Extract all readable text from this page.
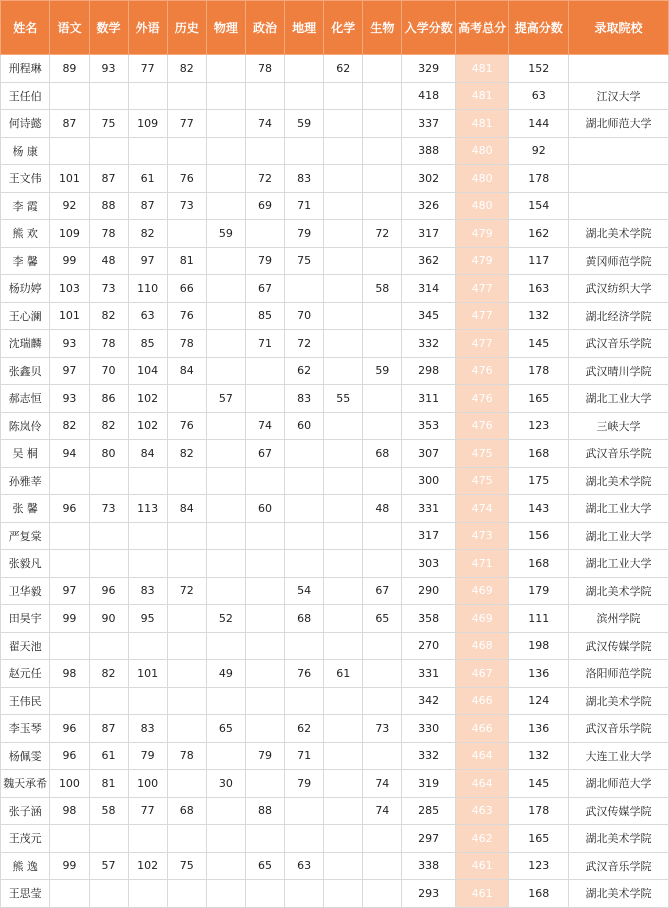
姓名	语文	数学	外语	历史	物理	政治	地理	化学	生物	入学分数	高考总分	提高分数	录取院校
刑程琳	89	93	77	82		78		62		329	481	152	
王任伯										418	481	63	江汉大学
何诗懿	87	75	109	77		74	59			337	481	144	湖北师范大学
杨 康										388	480	92	
王文伟	101	87	61	76		72	83			302	480	178	
李 霞	92	88	87	73		69	71			326	480	154	
熊 欢	109	78	82		59		79		72	317	479	162	湖北美术学院
李 馨	99	48	97	81		79	75			362	479	117	黄冈师范学院
杨玏婷	103	73	110	66		67			58	314	477	163	武汉纺织大学
王心澜	101	82	63	76		85	70			345	477	132	湖北经济学院
沈瑞麟	93	78	85	78		71	72			332	477	145	武汉音乐学院
张鑫贝	97	70	104	84			62		59	298	476	178	武汉晴川学院
郝志恒	93	86	102		57		83	55		311	476	165	湖北工业大学
陈岚伶	82	82	102	76		74	60			353	476	123	三峡大学
吴 桐	94	80	84	82		67			68	307	475	168	武汉音乐学院
孙雅莘										300	475	175	湖北美术学院
张 馨	96	73	113	84		60			48	331	474	143	湖北工业大学
严复棠										317	473	156	湖北工业大学
张毅凡										303	471	168	湖北工业大学
卫华毅	97	96	83	72			54		67	290	469	179	湖北美术学院
田昊宇	99	90	95		52		68		65	358	469	111	滨州学院
翟天池										270	468	198	武汉传媒学院
赵元任	98	82	101		49		76	61		331	467	136	洛阳师范学院
王伟民										342	466	124	湖北美术学院
李玉琴	96	87	83		65		62		73	330	466	136	武汉音乐学院
杨佩雯	96	61	79	78		79	71			332	464	132	大连工业大学
魏天承希	100	81	100		30		79		74	319	464	145	湖北师范大学
张子涵	98	58	77	68		88			74	285	463	178	武汉传媒学院
王茂元										297	462	165	湖北美术学院
熊 逸	99	57	102	75		65	63			338	461	123	武汉音乐学院
王思莹										293	461	168	湖北美术学院
